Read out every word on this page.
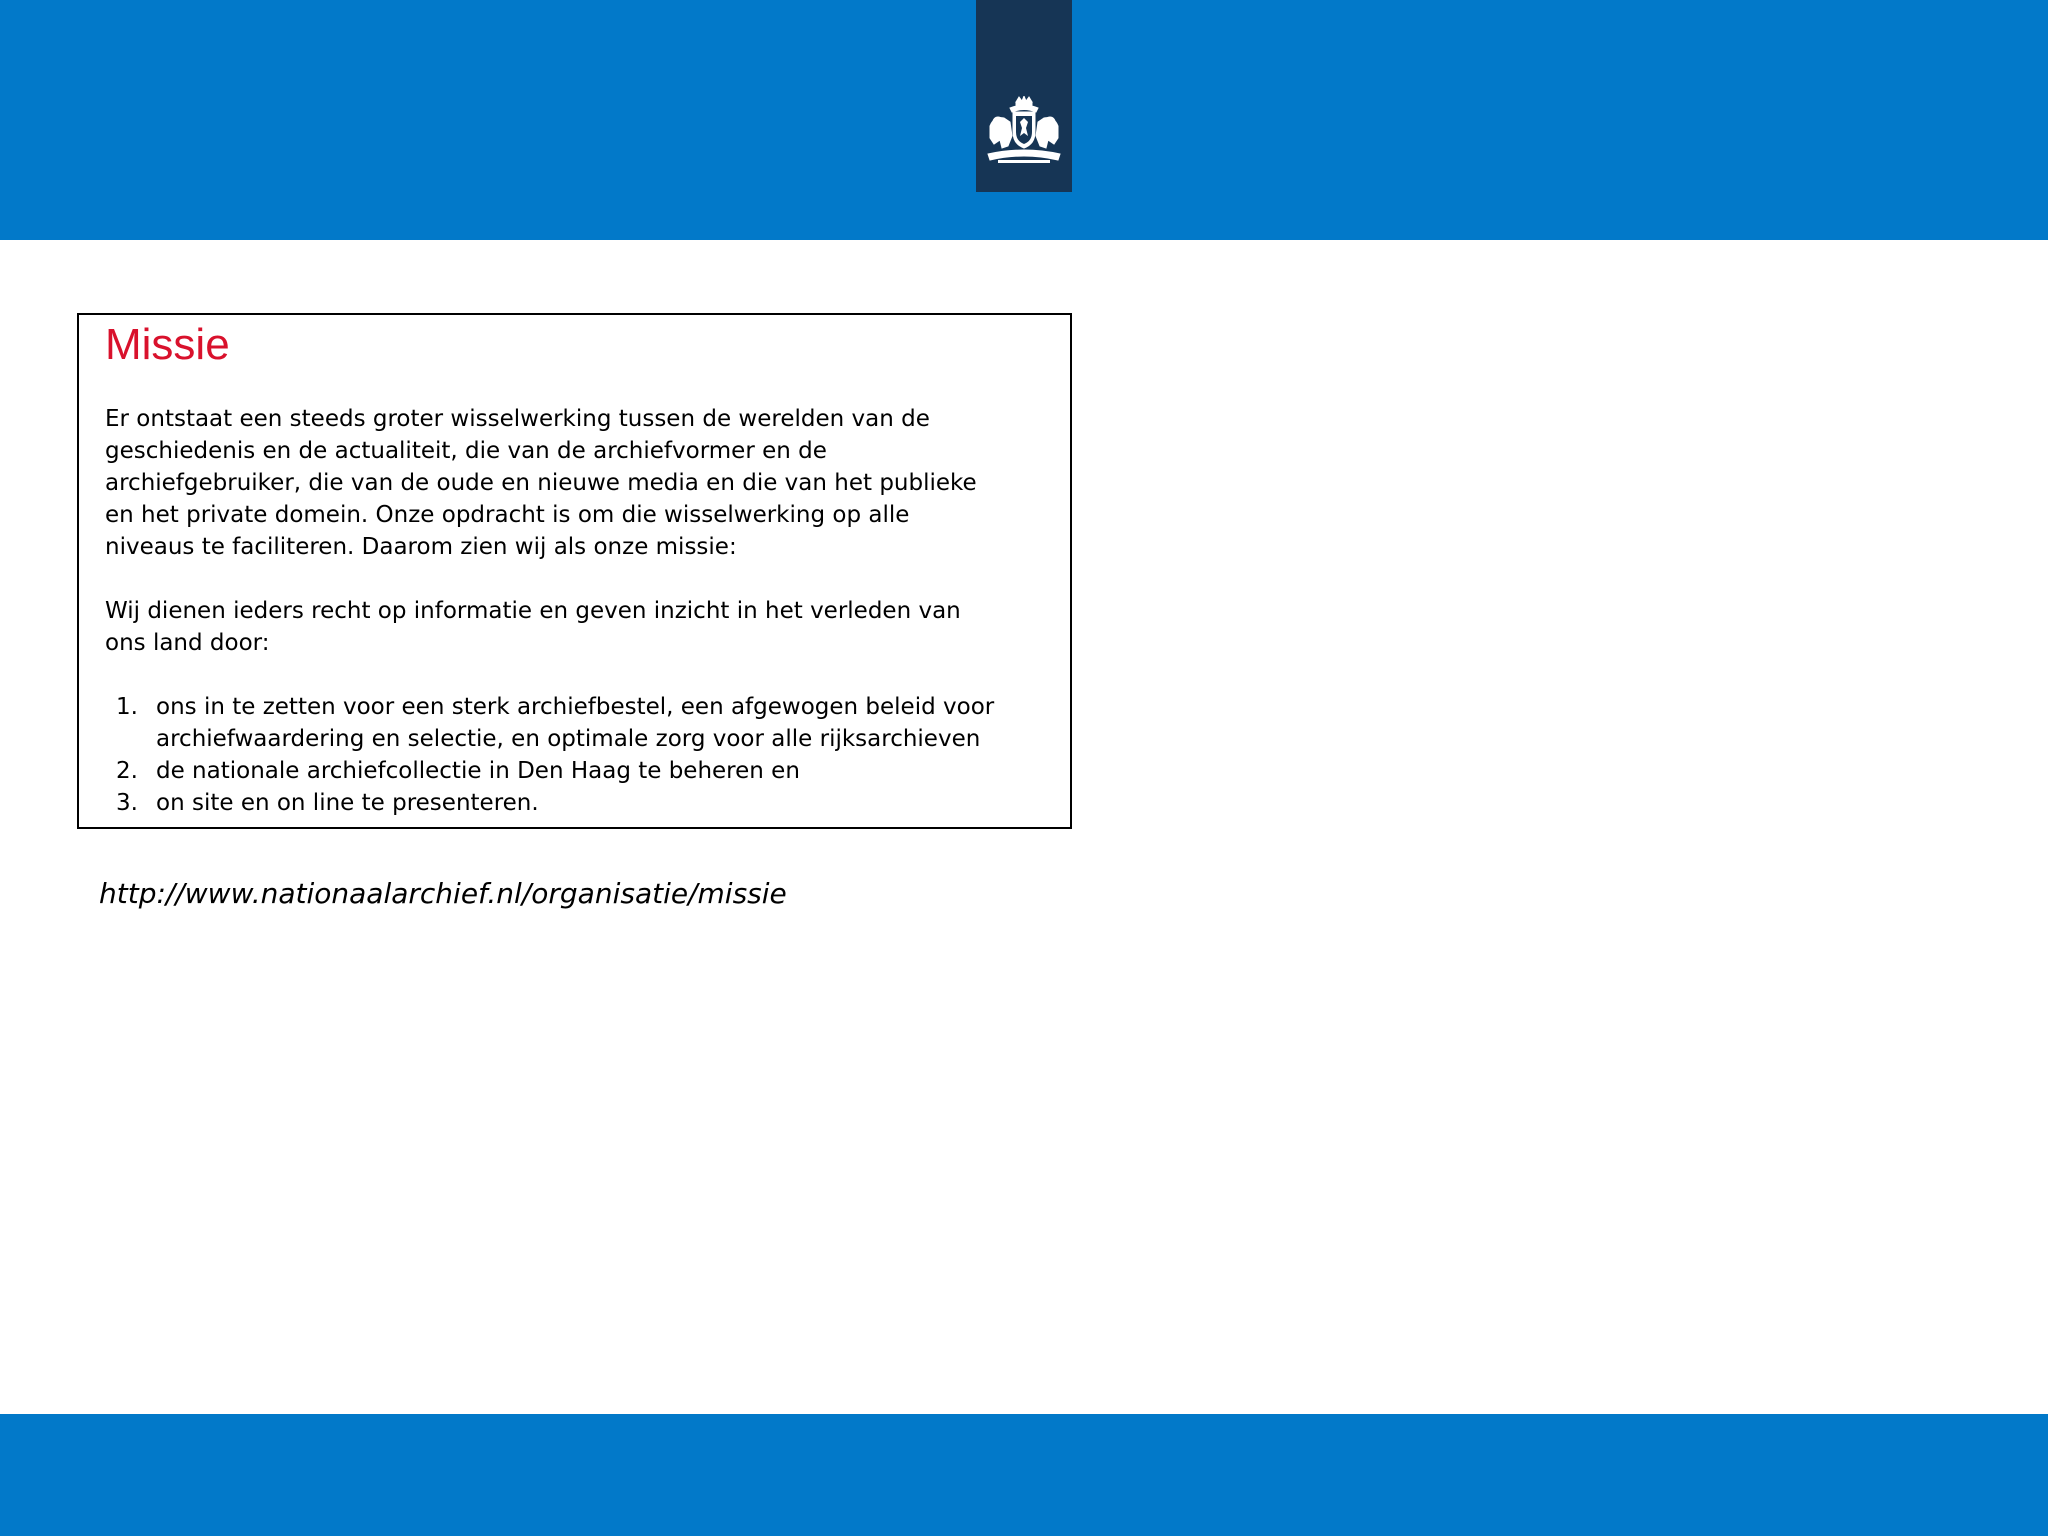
Missie

Er ontstaat een steeds groter wisselwerking tussen de werelden van de
geschiedenis en de actualiteit, die van de archiefvormer en de
archiefgebruiker, die van de oude en nieuwe media en die van het publieke
en het private domein. Onze opdracht is om die wisselwerking op alle
niveaus te faciliteren. Daarom zien wij als onze missie:

Wij dienen ieders recht op informatie en geven inzicht in het verleden van
ons land door:

1. ons in te zetten voor een sterk archiefbestel, een afgewogen beleid voor
archiefwaardering en selectie, en optimale zorg voor alle rijksarchieven
2. de nationale archiefcollectie in Den Haag te beheren en
3. on site en on line te presenteren.
http://www.nationaalarchief.nl/organisatie/missie
